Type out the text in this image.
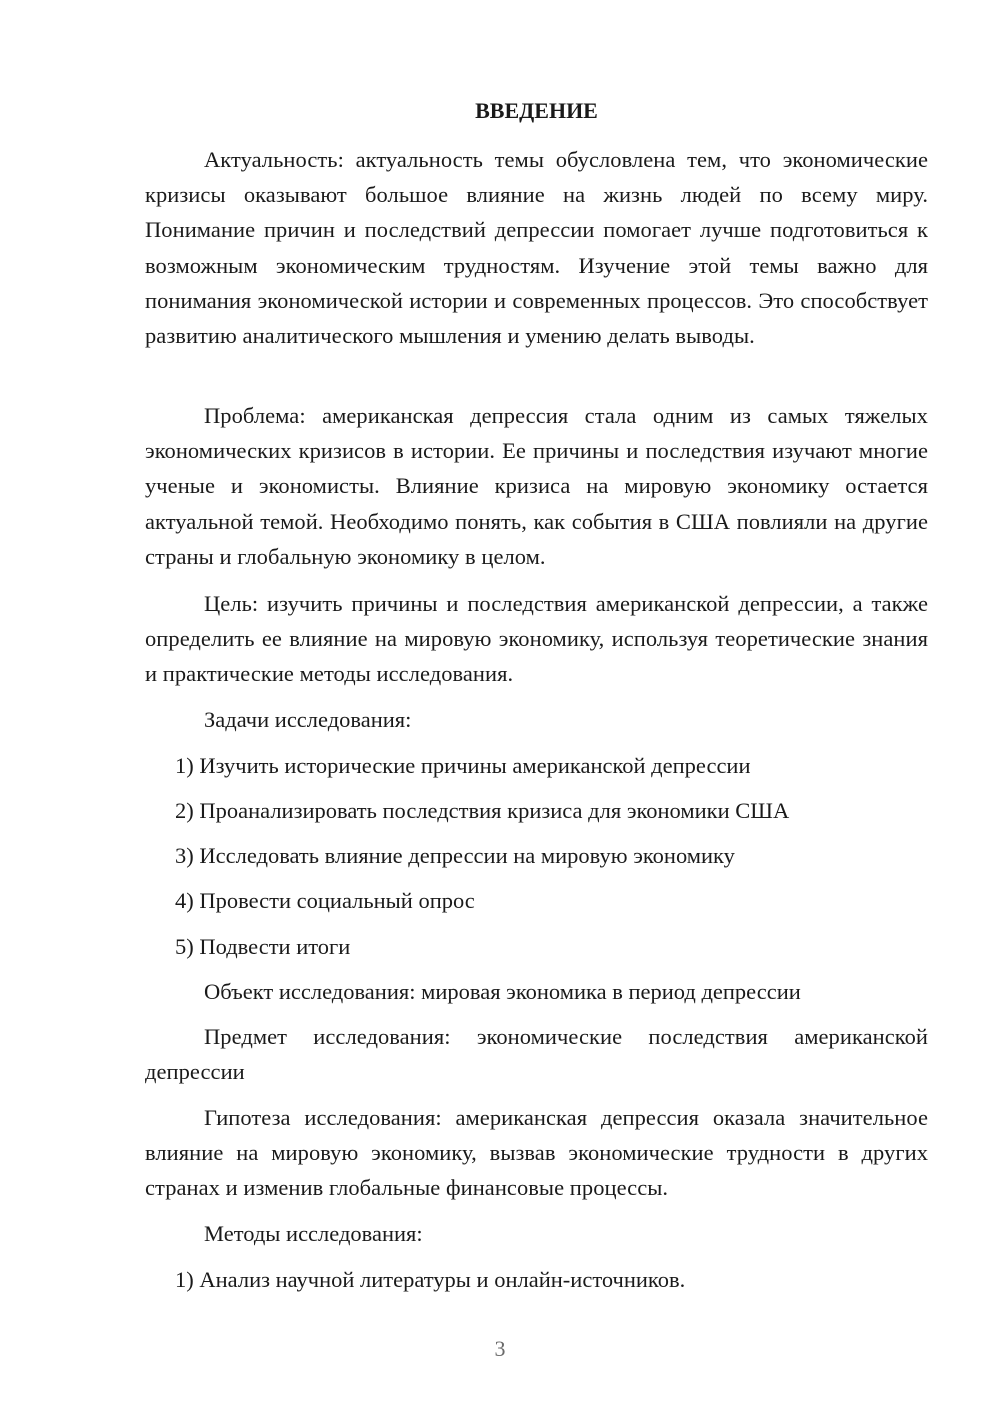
ВВЕДЕНИЕ

Актуальность: актуальность темы обусловлена тем, что экономические кризисы оказывают большое влияние на жизнь людей по всему миру. Понимание причин и последствий депрессии помогает лучше подготовиться к возможным экономическим трудностям. Изучение этой темы важно для понимания экономической истории и современных процессов. Это способствует развитию аналитического мышления и умению делать выводы.

Проблема: американская депрессия стала одним из самых тяжелых экономических кризисов в истории. Ее причины и последствия изучают многие ученые и экономисты. Влияние кризиса на мировую экономику остается актуальной темой. Необходимо понять, как события в США повлияли на другие страны и глобальную экономику в целом.

Цель: изучить причины и последствия американской депрессии, а также определить ее влияние на мировую экономику, используя теоретические знания и практические методы исследования.

Задачи исследования:

1) Изучить исторические причины американской депрессии

2) Проанализировать последствия кризиса для экономики США

3) Исследовать влияние депрессии на мировую экономику

4) Провести социальный опрос

5) Подвести итоги

Объект исследования: мировая экономика в период депрессии

Предмет исследования: экономические последствия американской депрессии

Гипотеза исследования: американская депрессия оказала значительное влияние на мировую экономику, вызвав экономические трудности в других странах и изменив глобальные финансовые процессы.

Методы исследования:

1) Анализ научной литературы и онлайн-источников.

3
